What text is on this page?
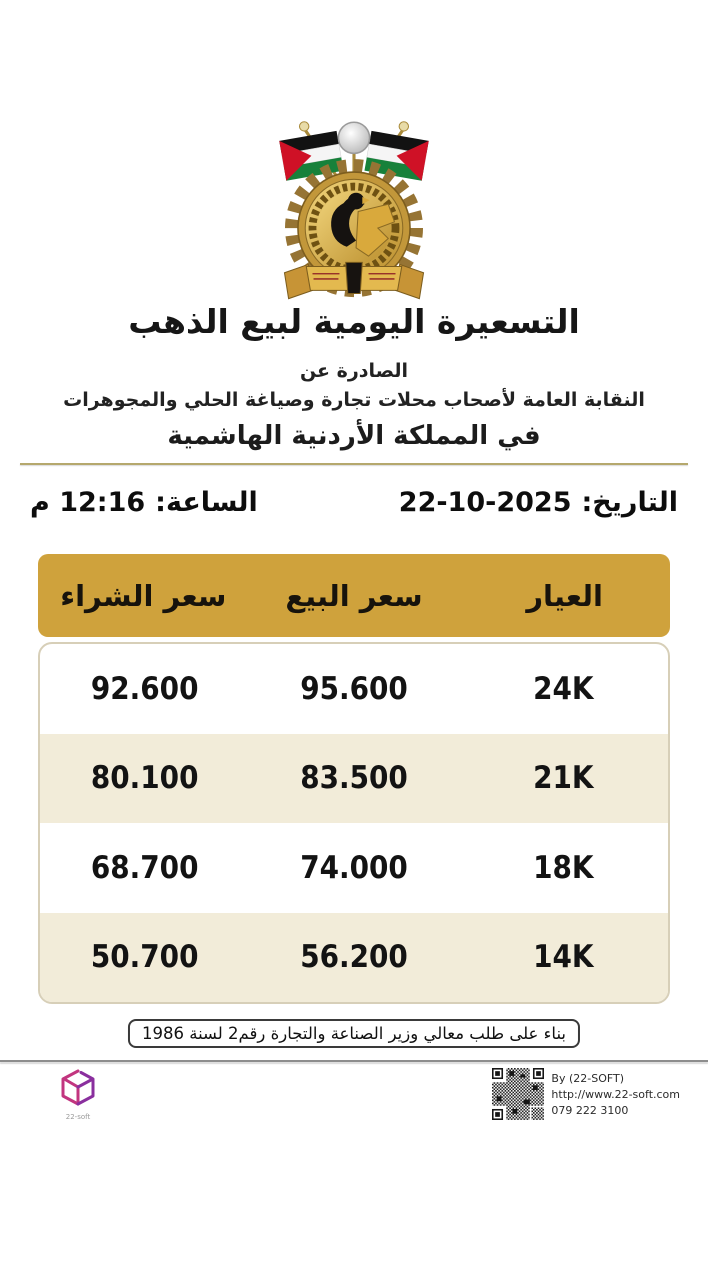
التسعيرة اليومية لبيع الذهب
الصادرة عن
النقابة العامة لأصحاب محلات تجارة وصياغة الحلي والمجوهرات
في المملكة الأردنية الهاشمية
التاريخ:
22-10-2025
الساعة:
12:16 م
العيار
سعر البيع
سعر الشراء
24K
95.600
92.600
21K
83.500
80.100
18K
74.000
68.700
14K
56.200
50.700
بناء على طلب معالي وزير الصناعة والتجارة رقم2 لسنة 1986
22-soft
By (22-SOFT)
http://www.22-soft.com
079 222 3100
